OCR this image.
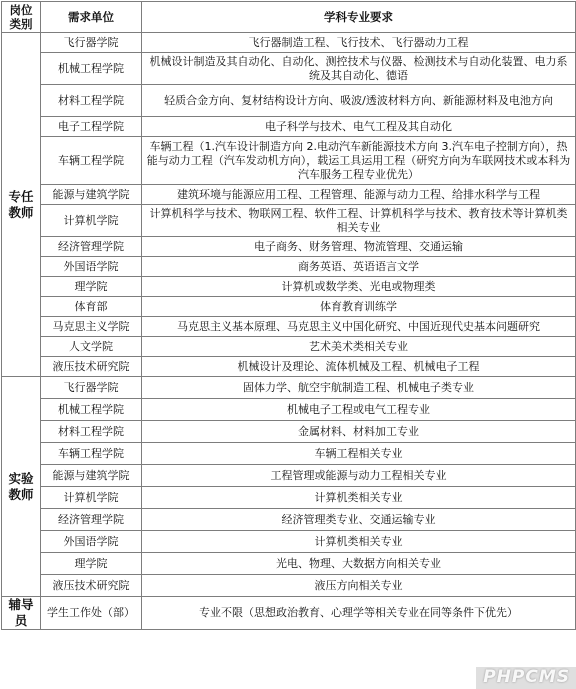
岗位类别	需求单位	学科专业要求
专任教师	飞行器学院	飞行器制造工程、飞行技术、飞行器动力工程
	机械工程学院	机械设计制造及其自动化、自动化、测控技术与仪器、检测技术与自动化装置、电力系统及其自动化、德语
	材料工程学院	轻质合金方向、复材结构设计方向、吸波/透波材料方向、新能源材料及电池方向
	电子工程学院	电子科学与技术、电气工程及其自动化
	车辆工程学院	车辆工程（1.汽车设计制造方向 2.电动汽车新能源技术方向 3.汽车电子控制方向），热能与动力工程（汽车发动机方向），载运工具运用工程（研究方向为车联网技术或本科为汽车服务工程专业优先）
	能源与建筑学院	建筑环境与能源应用工程、工程管理、能源与动力工程、给排水科学与工程
	计算机学院	计算机科学与技术、物联网工程、软件工程、计算机科学与技术、教育技术等计算机类相关专业
	经济管理学院	电子商务、财务管理、物流管理、交通运输
	外国语学院	商务英语、英语语言文学
	理学院	计算机或数学类、光电或物理类
	体育部	体育教育训练学
	马克思主义学院	马克思主义基本原理、马克思主义中国化研究、中国近现代史基本问题研究
	人文学院	艺术美术类相关专业
	液压技术研究院	机械设计及理论、流体机械及工程、机械电子工程
实验教师	飞行器学院	固体力学、航空宇航制造工程、机械电子类专业
	机械工程学院	机械电子工程或电气工程专业
	材料工程学院	金属材料、材料加工专业
	车辆工程学院	车辆工程相关专业
	能源与建筑学院	工程管理或能源与动力工程相关专业
	计算机学院	计算机类相关专业
	经济管理学院	经济管理类专业、交通运输专业
	外国语学院	计算机类相关专业
	理学院	光电、物理、大数据方向相关专业
	液压技术研究院	液压方向相关专业
辅导员	学生工作处（部）	专业不限（思想政治教育、心理学等相关专业在同等条件下优先）
PHPCMS
